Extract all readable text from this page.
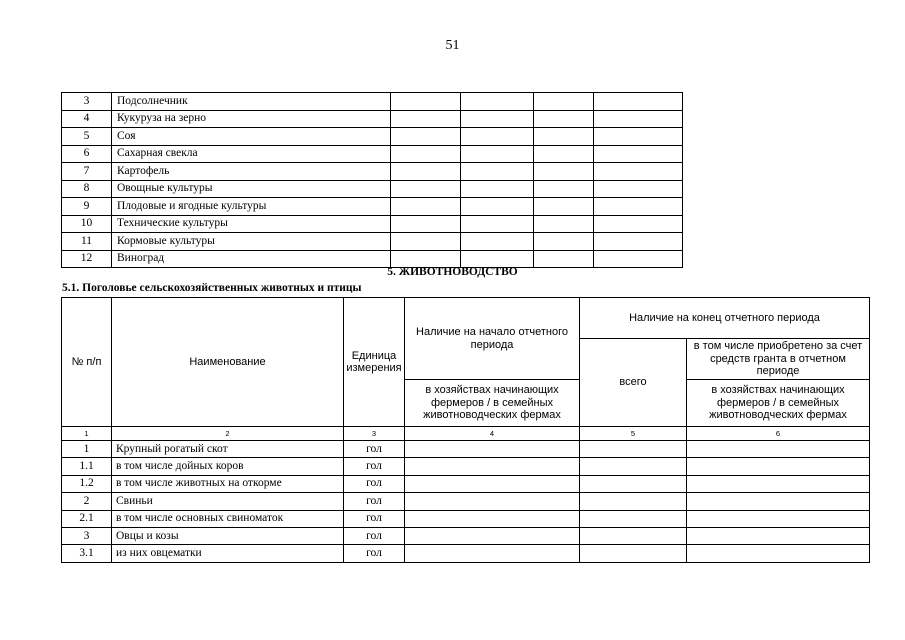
51
3	Подсолнечник				
4	Кукуруза на зерно				
5	Соя				
6	Сахарная свекла				
7	Картофель				
8	Овощные культуры				
9	Плодовые и ягодные культуры				
10	Технические культуры				
11	Кормовые культуры				
12	Виноград				
5. ЖИВОТНОВОДСТВО
5.1. Поголовье сельскохозяйственных животных и птицы
№ п/п	Наименование	Единица измерения	Наличие на начало отчетного периода	Наличие на конец отчетного периода	
				всего	в том числе приобретено за счет средств гранта в отчетном периоде
			в хозяйствах начинающих фермеров / в семейных животноводческих фермах		в хозяйствах начинающих фермеров / в семейных животноводческих фермах
1	2	3	4	5	6
1	Крупный рогатый скот	гол			
1.1	в том числе дойных коров	гол			
1.2	в том числе животных на откорме	гол			
2	Свиньи	гол			
2.1	в том числе основных свиноматок	гол			
3	Овцы и козы	гол			
3.1	из них овцематки	гол			
